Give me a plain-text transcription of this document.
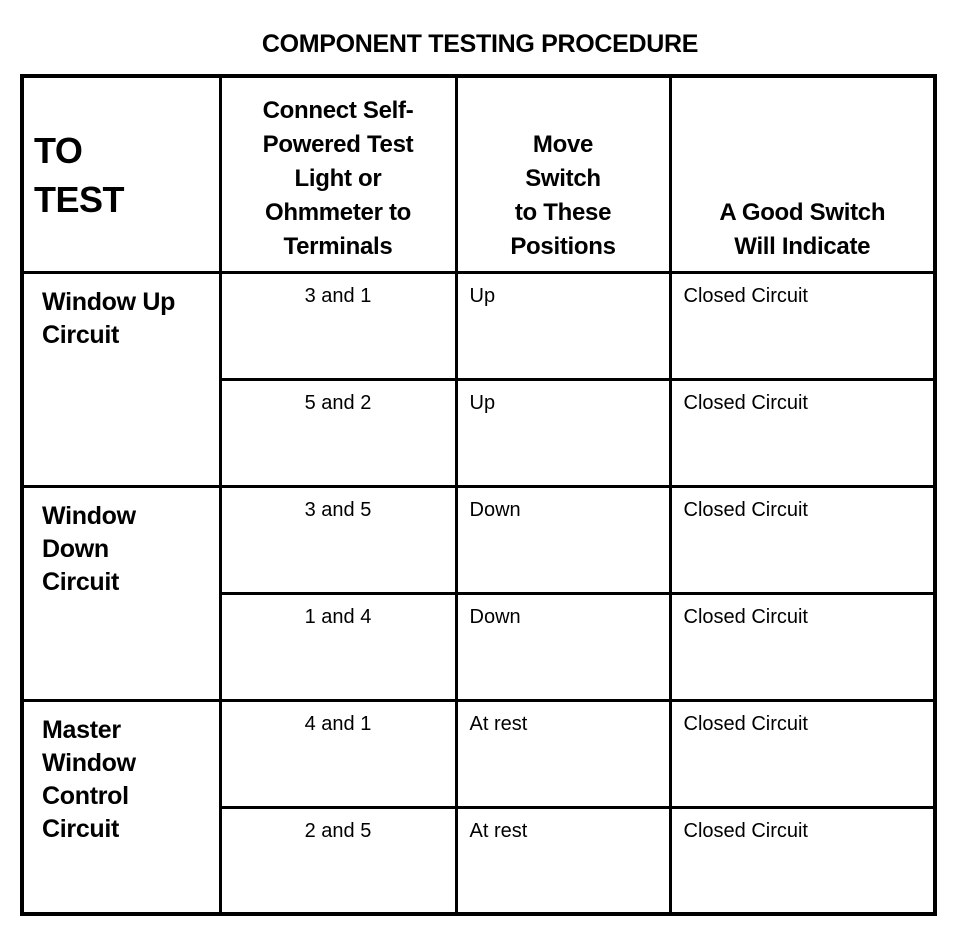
COMPONENT TESTING PROCEDURE
TO
TEST	Connect Self-
Powered Test
Light or
Ohmmeter to
Terminals	Move
Switch
to These
Positions	A Good Switch
Will Indicate
Window Up
Circuit	3 and 1	Up	Closed Circuit
	5 and 2	Up	Closed Circuit
Window
Down
Circuit	3 and 5	Down	Closed Circuit
	1 and 4	Down	Closed Circuit
Master
Window
Control
Circuit	4 and 1	At rest	Closed Circuit
	2 and 5	At rest	Closed Circuit
